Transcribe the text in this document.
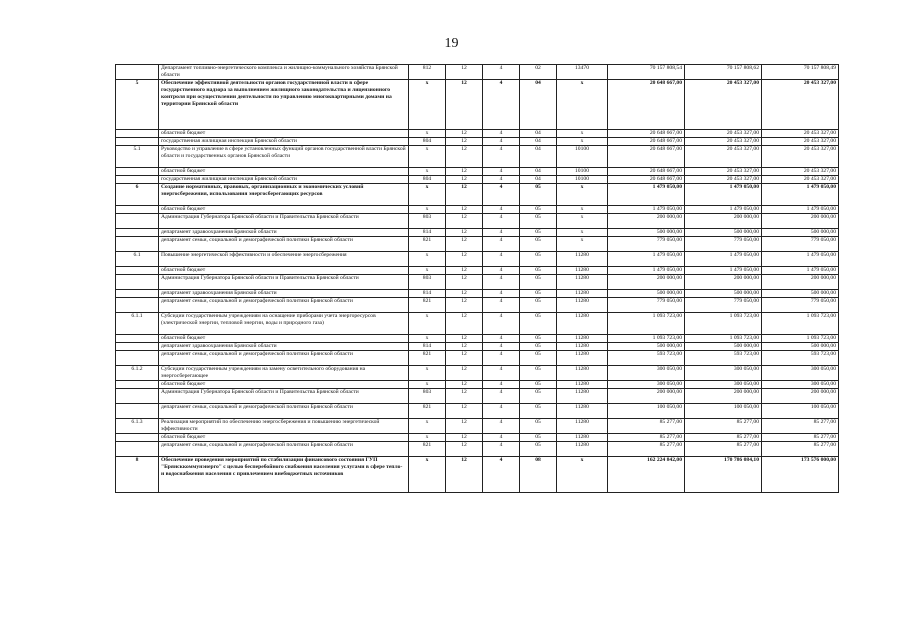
19
	Департамент топливно-энергетического комплекса и жилищно-коммунального хозяйства Брянской области	812	12	4	02	13470	70 157 808,54	70 157 808,62	70 157 808,49
5	Обеспечение эффективной деятельности органов государственной власти в сфере государственного надзора за выполнением жилищного законодательства и лицензионного контроля при осуществлении деятельности по управлению многоквартирными домами на территории Брянской области	х	12	4	04	х	20 648 667,00	20 453 327,00	20 453 327,00
	областной бюджет	х	12	4	04	х	20 648 667,00	20 453 327,00	20 453 327,00
	государственная жилищная инспекция Брянской области	804	12	4	04	х	20 648 667,00	20 453 327,00	20 453 327,00
5.1	Руководство и управление в сфере установленных функций органов государственной власти Брянской области и государственных органов Брянской области	х	12	4	04	10100	20 648 667,00	20 453 327,00	20 453 327,00
	областной бюджет	х	12	4	04	10100	20 648 667,00	20 453 327,00	20 453 327,00
	государственная жилищная инспекция Брянской области	804	12	4	04	10100	20 648 667,00	20 453 327,00	20 453 327,00
6	Создание нормативных, правовых, организационных и экономических условий энергосбережения, использования энергосберегающих ресурсов	х	12	4	05	х	1 479 050,00	1 479 050,00	1 479 050,00
	областной бюджет	х	12	4	05	х	1 479 050,00	1 479 050,00	1 479 050,00
	Администрация Губернатора Брянской области и Правительства Брянской области	803	12	4	05	х	200 000,00	200 000,00	200 000,00
	департамент здравоохранения Брянской области	814	12	4	05	х	500 000,00	500 000,00	500 000,00
	департамент семьи, социальной и демографической политики Брянской области	821	12	4	05	х	779 050,00	779 050,00	779 050,00
6.1	Повышение энергетической эффективности и обеспечение энергосбережения	х	12	4	05	11280	1 479 050,00	1 479 050,00	1 479 050,00
	областной бюджет	х	12	4	05	11280	1 479 050,00	1 479 050,00	1 479 050,00
	Администрация Губернатора Брянской области и Правительства Брянской области	803	12	4	05	11280	200 000,00	200 000,00	200 000,00
	департамент здравоохранения Брянской области	814	12	4	05	11280	500 000,00	500 000,00	500 000,00
	департамент семьи, социальной и демографической политики Брянской области	821	12	4	05	11280	779 050,00	779 050,00	779 050,00
6.1.1	Субсидии государственным учреждениям на оснащение приборами учета энергоресурсов (электрической энергии, тепловой энергии, воды и природного газа)	х	12	4	05	11280	1 093 723,00	1 093 723,00	1 093 723,00
	областной бюджет	х	12	4	05	11280	1 093 723,00	1 093 723,00	1 093 723,00
	департамент здравоохранения Брянской области	814	12	4	05	11280	500 000,00	500 000,00	500 000,00
	департамент семьи, социальной и демографической политики Брянской области	821	12	4	05	11280	593 723,00	593 723,00	593 723,00
6.1.2	Субсидии государственным учреждениям на замену осветительного оборудования на энергосберегающее	х	12	4	05	11280	300 050,00	300 050,00	300 050,00
	областной бюджет	х	12	4	05	11280	300 050,00	300 050,00	300 050,00
	Администрация Губернатора Брянской области и Правительства Брянской области	803	12	4	05	11280	200 000,00	200 000,00	200 000,00
	департамент семьи, социальной и демографической политики Брянской области	821	12	4	05	11280	100 050,00	100 050,00	100 050,00
6.1.3	Реализация мероприятий по обеспечению энергосбережения и повышению энергетической эффективности	х	12	4	05	11280	85 277,00	85 277,00	85 277,00
	областной бюджет	х	12	4	05	11280	85 277,00	85 277,00	85 277,00
	департамент семьи, социальной и демографической политики Брянской области	821	12	4	05	11280	85 277,00	85 277,00	85 277,00
8	Обеспечение проведения мероприятий по стабилизации финансового состояния ГУП "Брянсккоммунэнерго" с целью бесперебойного снабжения населения услугами в сфере тепло- и водоснабжения населения с привлечением внебюджетных источников	х	12	4	08	х	162 224 842,00	170 786 084,10	173 576 000,00
